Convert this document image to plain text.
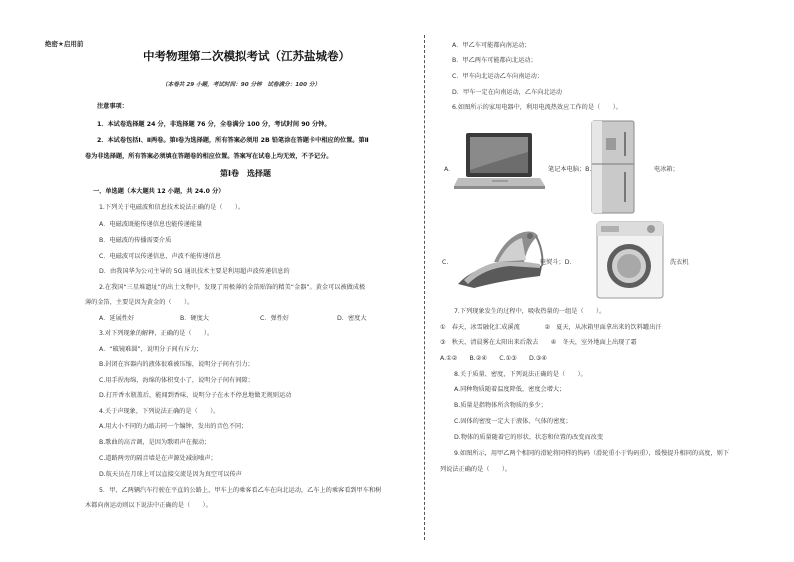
绝密★启用前
中考物理第二次模拟考试（江苏盐城卷）
（本卷共 29 小题，考试时间：90 分钟　试卷满分：100 分）
注意事项：
1．本试卷选择题 24 分，非选择题 76 分，全卷满分 100 分，考试时间 90 分钟。
2．本试卷包括Ⅰ、Ⅱ两卷。第Ⅰ卷为选择题，所有答案必须用 2B 铅笔涂在答题卡中相应的位置。第Ⅱ
卷为非选择题，所有答案必须填在答题卷的相应位置。答案写在试卷上均无效，不予记分。
第Ⅰ卷　选择题
一、单选题（本大题共 12 小题，共 24.0 分）
1.下列关于电磁波和信息技术说法正确的是（　　）。
A．电磁波既能传递信息也能传递能量
B．电磁波的传播需要介质
C．电磁波可以传递信息，声波不能传递信息
D．由我国华为公司主导的 5G 通讯技术主要是利用超声波传递信息的
2.在我国“三星堆遗址”的出土文物中，发现了用极薄的金箔贴饰的精美“金器”。黄金可以被做成极
薄的金箔，主要是因为黄金的（　　）。
A．延展性好	B．硬度大	C．弹性好	D．密度大
3.对下列现象的解释，正确的是（　　）。
A．“破镜难圆”，说明分子间有斥力；
B.封闭在容器内的液体很难被压缩，说明分子间有引力；
C.用手捏海绵，海绵的体积变小了，说明分子间有间隙；
D.打开香水瓶盖后，能闻到香味，说明分子在永不停息地做无规则运动
4.关于声现象，下列说法正确的是（　　）。
A.用大小不同的力敲击同一个编钟，发出的音色不同；
B.歌曲的高音调，是因为歌唱声在振动；
C.道路两旁的隔音墙是在声源处减弱噪声；
D.航天员在月球上可以直接交流是因为真空可以传声
5．甲、乙两辆汽车行驶在平直的公路上，甲车上的乘客看乙车在向北运动，乙车上的乘客看到甲车和树
木都向南运动则以下说法中正确的是（　　）。
A．甲乙车可能都向南运动；
B．甲乙两车可能都向北运动；
C．甲车向北运动乙车向南运动；
D．甲车一定在向南运动，乙车向北运动
6.如图所示的家用电器中，利用电流热效应工作的是（　　）。
A.	笔记本电脑；B.	电冰箱；
C.	电熨斗；D.	洗衣机
7.下列现象发生的过程中，吸收热量的一组是（　　）。
①　春天，冰雪融化汇成溪流　　　　②　夏天，从冰箱里面拿出来的饮料罐出汗
③　秋天，清晨雾在太阳出来后散去　　④　冬天，室外地面上出现了霜
A.①②　　B.②④　　C.①③　　D.③④
8.关于质量、密度，下列说法正确的是（　　）。
A.同种物质随着温度降低，密度会增大；
B.质量是指物体所含物质的多少；
C.固体的密度一定大于液体、气体的密度；
D.物体的质量随着它的形状、状态和位置的改变而改变
9.如图所示，用甲乙两个相同的滑轮将同样的钩码（滑轮重小于钩码重），缓慢提升相同的高度，则下
列说法正确的是（　　）。
